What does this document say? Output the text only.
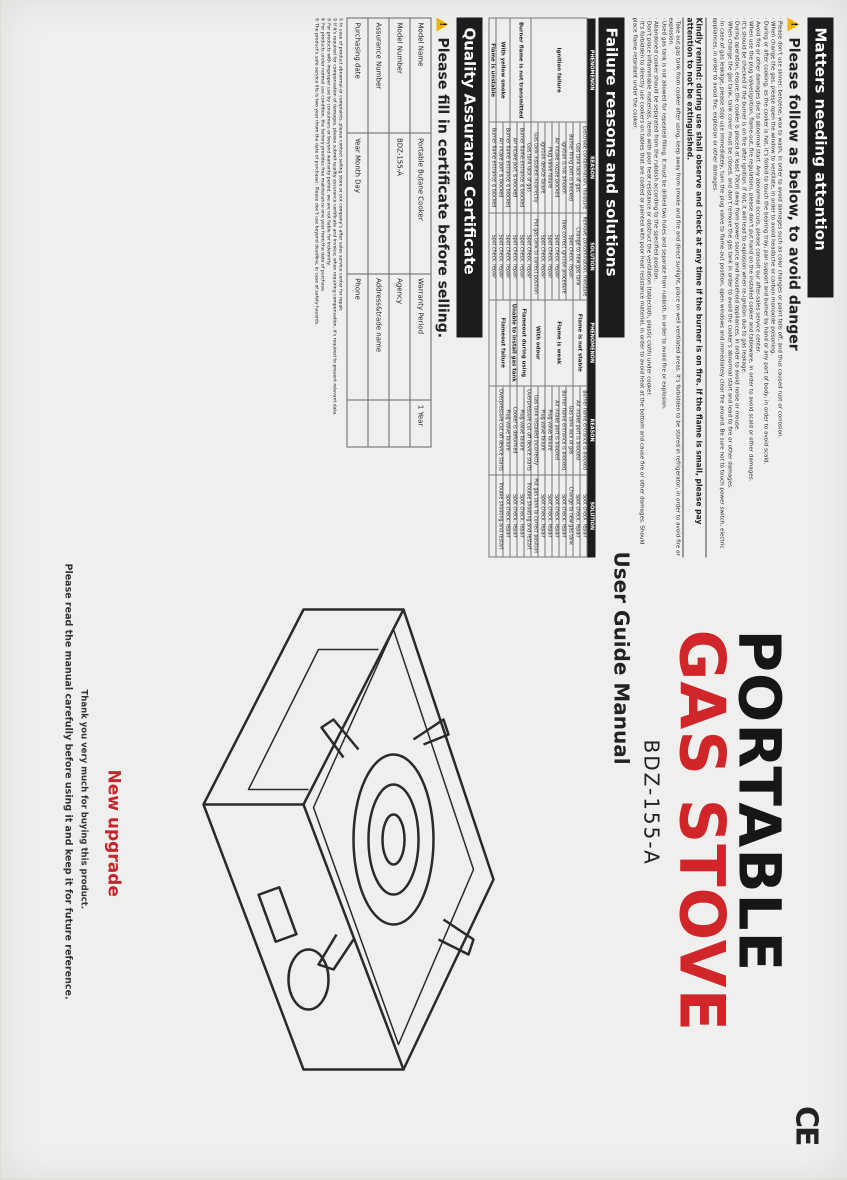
Matters needing attention
!
Please follow as below, to avoid danger
· Please don't use sinner, benzene, wax to wash, in order to avoid damages such as color changes or paint falls off, and thus caused rust or corrosion.
· When change the gas, please open the window to ventilate, in order to avoid headache or carbon monoxide poisoning.
· During or after cooking, as the cooker is hot, it's forbid to touch the bearing tray, pan support and burner by hand or any part of body, in order to avoid scald.
· Avoid fire or other damages due to abnormal start. Any abnormal occurs, please consult our after-sales service center.
· When use the plug valve(ignition, flame-out, fire regulation), please don't put hand on the installed cooker and tableware, in order to avoid scald or other damages.
· It's should be checked if the burner is on fire after ignition. If not, it will lead to explosion when re-ignition due to gas leakage.
· During operation, ensure the cooker is placed at least 70cm away from power source and household appliances, in order to avoid noise or mouse.
· When change the gas tank, tank cover must be closed, and don't remove the gas tank in order to avoid the cooker's abnormal start and lead to fire or other damages.
· In case of gas leakage, please stop use immediately, turn the plug valve to flame-out position, open windows and immediately clear fire around. Be sure not to touch power switch, electric appliances, in order to avoid fire, explosion or other damages.
Kindly remind: during use shall observe and check at any time if the burner is on fire. If the flame is small, please pay attention to not be extinguished.
· Take out gas tank from cooker after using, keep away from smoke and fire and direct sunlight, place on well ventilated areas. It's forbidden to be stored in refrigerator, in order to avoid fire or explosion.
· Used gas tank is not allowed for repeated filling. It must be drilled two holes and separate from rubbish, in order to avoid fire or explosion.
· Abandoned cooker should be separated from the rubbish according to the specified position.
· Don't place inflammable materials, items with poor heat resistance or obstruct the ventilation (tablecloth, plastic cloth) under cooker.
· It's forbidden to directly use cookers on tables that are coated or painted with poor heat resistance material, in order to avoid heat at the bottom and cause fire or other damages. Should place flame retardant under the cooker.
Failure reasons and solutions
PHENOMENON	REASON	SOLUTION	PHENOMENON	REASON	SOLUTION
Ignition failure	Electrode contamination, moisture	Remove contamination, moisture	Flame is not stable	Burner flame entrance is blocked	Spot check, repair
	Gas tank lack of gas	Change to new gas tank		Air intake port is blocked	Spot check, repair
	Burner firing port is blocked	Spot check, repair	Flame is weak	Gas tank lack of gas	Change to new gas tank
	Ignition is not smooth	Take correct ignition procedure		Burner flame entrance is blocked	Spot check, repair
	Air intake nozzle blocked	Spot check, repair		Air intake port is blocked	Spot check, repair
	Plug valve failure	Spot check, repair		Plug valve failure	Spot check, repair
	Ignition device failure	Spot check, repair	With odour	Plug valve failure	Spot check, repair
	Gas tank installed incorrectly	Put gas tank to correct position		Gas tank installed incorrectly	Put gas tank to correct position
Burner flame is not transmitted	Gas tank lack of gas	Spot check, repair	Flameout during using	Overpressure cut off device starts	Trouble shooting and restart
	Burner flame entrance is blocked	Spot check, repair		Plug valve failure	Spot check, repair
	Air intake port is blocked	Spot check, repair	Unable to install gas tank	Cooker is deformed	Spot check, repair
With yellow smoke	Burner flame entrance is blocked	Spot check, repair	Flameout failure	Plug valve failure	Spot check, repair
	Air intake port is blocked	Spot check, repair		Overpressure cut off device starts	Trouble shooting and restart
Flame is unstable	Burner flame entrance is blocked	Spot check, repair			
Quality Assurance Certificate
!
Please fill in certificate before selling.
Model Name	Portable Butane Cooker	Warranty Period	1 Year
Model Number	BDZ-155-A	Agency	
Assurance Number		Address&trade name	
Purchasing date	Year Month Day	Phone	

① In case of product abnormal or complaints, please contact selling store or our company's after sales service center for repair.

② If it's required for compensation of damages, please submit quality assurance certificate and invoice; when requiring compensation, it's required to present relevant data.

③ For products with improper use by consumers or beyond warranty period, we are not liable for indemnity.

④ For products under normal use condition, the factory provides free maintenance one year from the date of purchase.

⑤ The product's safe service life is two year (from the date of purchase). Please don't use beyond deadline, in case of safety hazards.

CE
PORTABLE
GAS STOVE
BDZ-155-A
User Guide Manual
New upgrade
Thank you very much for buying this product.
Please read the manual carefully before using it and keep it for future reference.
